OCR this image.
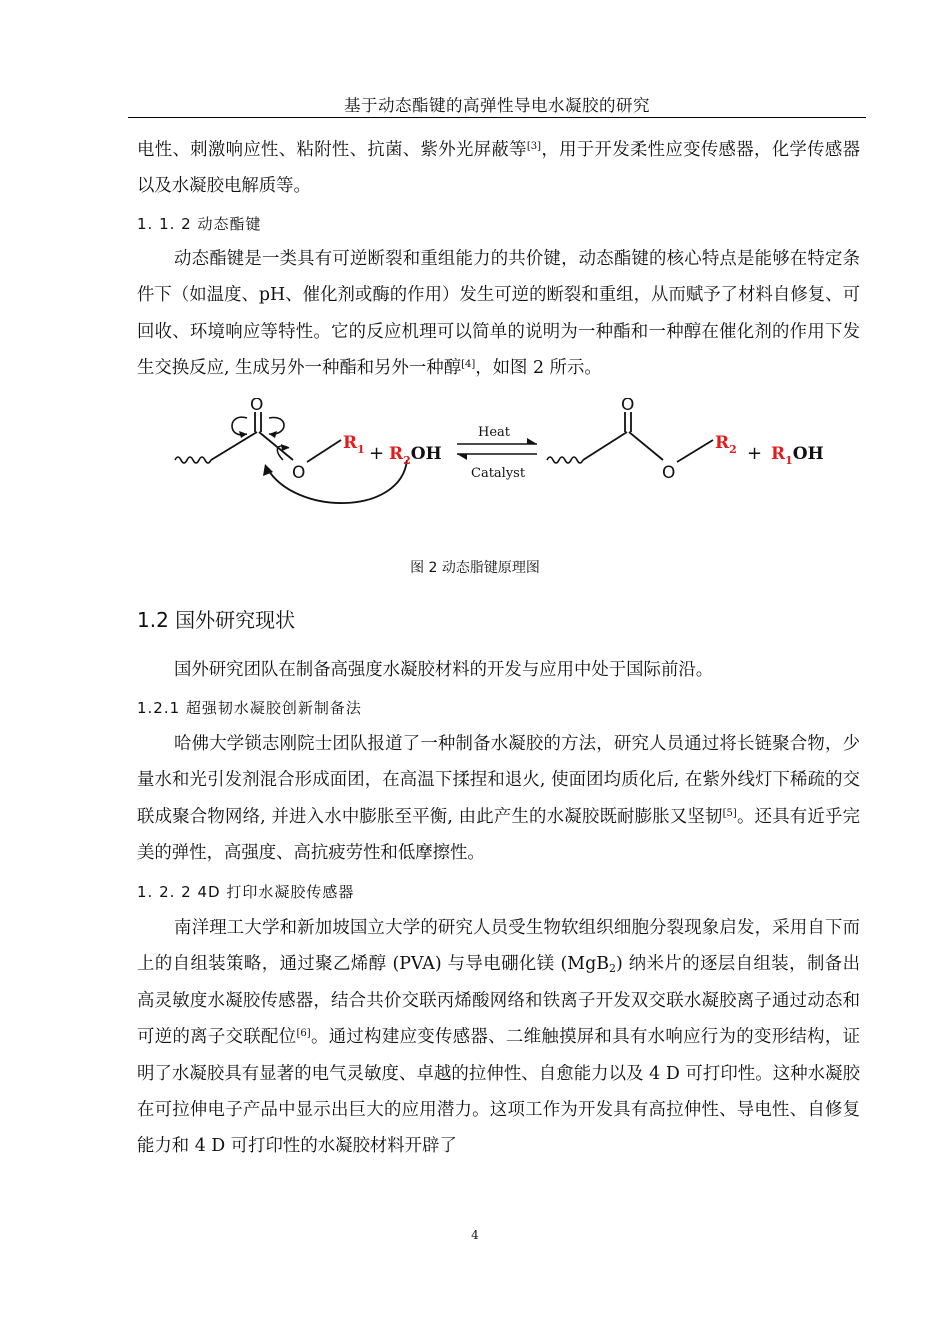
基于动态酯键的高弹性导电水凝胶的研究
电性、刺激响应性、粘附性、抗菌、紫外光屏蔽等[3]，用于开发柔性应变传感器，化学传感器以及水凝胶电解质等。
1. 1. 2 动态酯键
动态酯键是一类具有可逆断裂和重组能力的共价键，动态酯键的核心特点是能够在特定条件下（如温度、pH、催化剂或酶的作用）发生可逆的断裂和重组，从而赋予了材料自修复、可回收、环境响应等特性。它的反应机理可以简单的说明为一种酯和一种醇在催化剂的作用下发生交换反应, 生成另外一种酯和另外一种醇[4]，如图 2 所示。
O
O
$R_1 + R_2OH$
Heat
Catalyst
O
O
$R_2 + R_1OH$
图 2 动态脂键原理图
1.2 国外研究现状
国外研究团队在制备高强度水凝胶材料的开发与应用中处于国际前沿。
1.2.1 超强韧水凝胶创新制备法
哈佛大学锁志刚院士团队报道了一种制备水凝胶的方法，研究人员通过将长链聚合物，少量水和光引发剂混合形成面团，在高温下揉捏和退火, 使面团均质化后, 在紫外线灯下稀疏的交联成聚合物网络, 并进入水中膨胀至平衡, 由此产生的水凝胶既耐膨胀又坚韧[5]。还具有近乎完美的弹性，高强度、高抗疲劳性和低摩擦性。
1. 2. 2 4D 打印水凝胶传感器
南洋理工大学和新加坡国立大学的研究人员受生物软组织细胞分裂现象启发，采用自下而上的自组装策略，通过聚乙烯醇 (PVA) 与导电硼化镁 (MgB$_2$) 纳米片的逐层自组装，制备出高灵敏度水凝胶传感器，结合共价交联丙烯酸网络和铁离子开发双交联水凝胶离子通过动态和可逆的离子交联配位[6]。通过构建应变传感器、二维触摸屏和具有水响应行为的变形结构，证明了水凝胶具有显著的电气灵敏度、卓越的拉伸性、自愈能力以及 4 D 可打印性。这种水凝胶在可拉伸电子产品中显示出巨大的应用潜力。这项工作为开发具有高拉伸性、导电性、自修复能力和 4 D 可打印性的水凝胶材料开辟了
4
